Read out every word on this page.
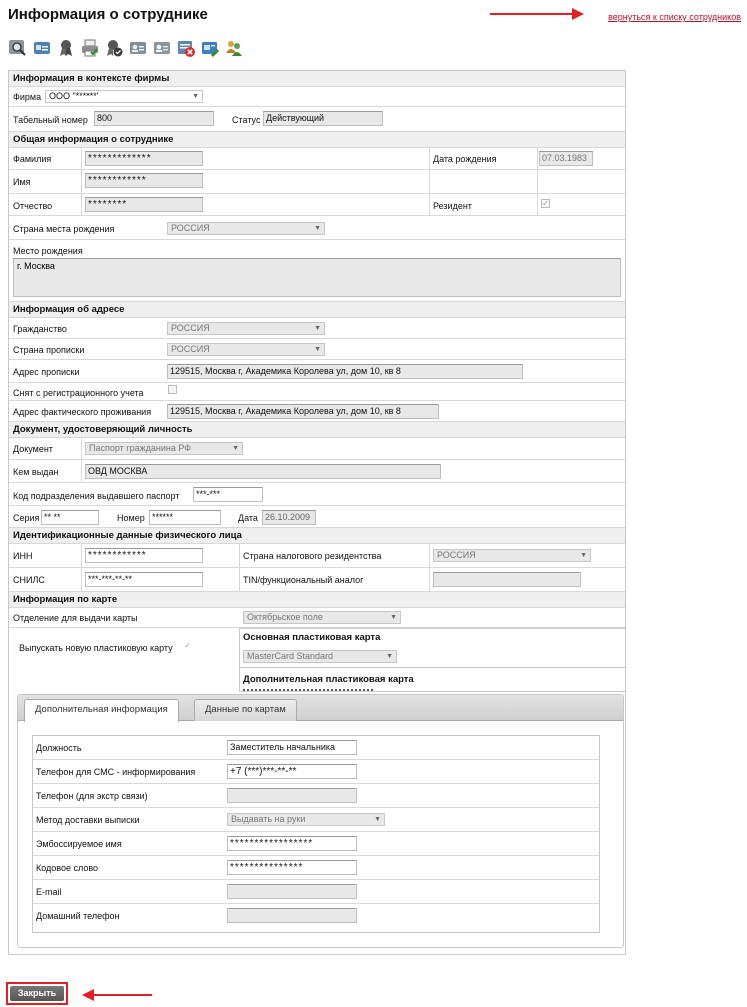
Информация о сотруднике	вернуться к списку сотрудников
Информация в контексте фирмы
Фирма ООО "******' ▼
Табельный номер	800	Статус Действующий
Общая информация о сотруднике
Фамилия	*************	Дата рождения	07.03.1983
Имя	************
Отчество	********	Резидент	✓
Страна места рождения	РОССИЯ ▼
Место рождения
г. Москва
Информация об адресе
Гражданство	РОССИЯ ▼
Страна прописки	РОССИЯ ▼
Адрес прописки	129515, Москва г, Академика Королева ул, дом 10, кв 8
Снят с регистрационного учета
Адрес фактического проживания	129515, Москва г, Академика Королева ул, дом 10, кв 8
Документ, удостоверяющий личность
Документ	Паспорт гражданина РФ ▼
Кем выдан	ОВД МОСКВА
Код подразделения выдавшего паспорт	***-***
Серия ** **	Номер ******	Дата 26.10.2009
Идентификационные данные физического лица
ИНН	************	Страна налогового резидентства	РОССИЯ ▼
СНИЛС	***-***-**-**	TIN/функциональный аналог
Информация по карте
Отделение для выдачи карты	Октябрьское поле ▼
Выпускать новую пластиковую карту ✓
Основная пластиковая карта
MasterCard Standard ▼
Дополнительная пластиковая карта
Дополнительная информация	Данные по картам
Должность	Заместитель начальника
Телефон для СМС - информирования	+7 (***)***-**-**
Телефон (для экстр связи)
Метод доставки выписки	Выдавать на руки ▼
Эмбоссируемое имя	*****************
Кодовое слово	***************
E-mail
Домашний телефон
Закрыть
